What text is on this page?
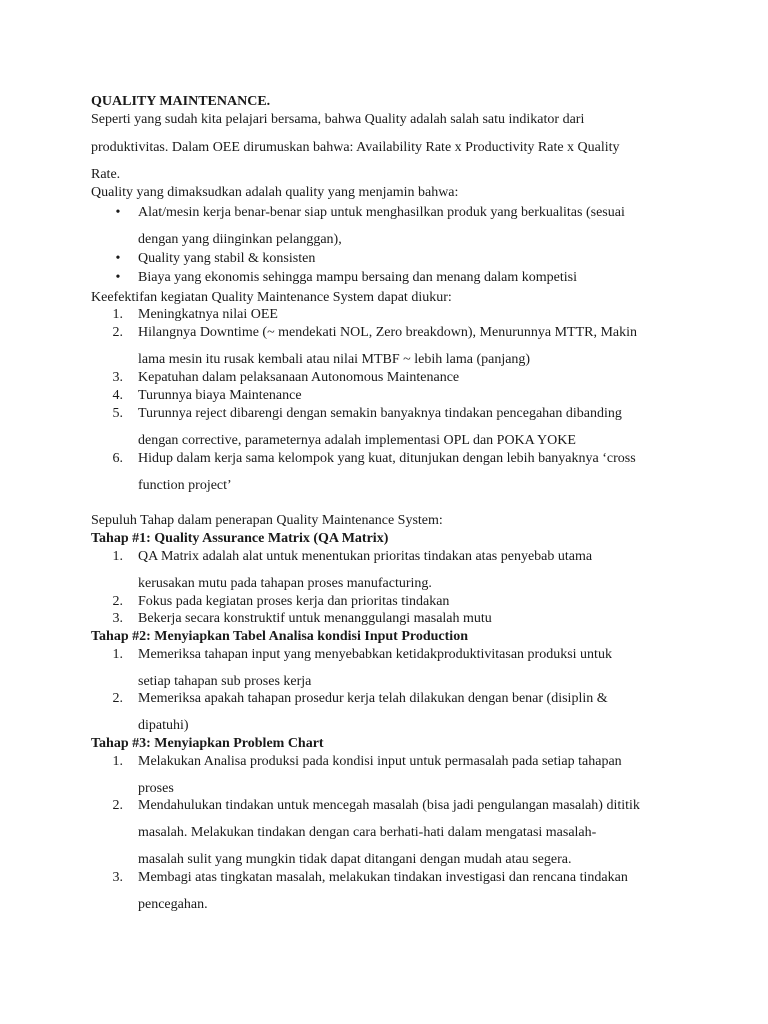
QUALITY MAINTENANCE.
Seperti yang sudah kita pelajari bersama, bahwa Quality adalah salah satu indikator dari
produktivitas. Dalam OEE dirumuskan bahwa: Availability Rate x Productivity Rate x Quality
Rate.
Quality yang dimaksudkan adalah quality yang menjamin bahwa:
• Alat/mesin kerja benar-benar siap untuk menghasilkan produk yang berkualitas (sesuai
dengan yang diinginkan pelanggan),
• Quality yang stabil & konsisten
• Biaya yang ekonomis sehingga mampu bersaing dan menang dalam kompetisi
Keefektifan kegiatan Quality Maintenance System dapat diukur:
1. Meningkatnya nilai OEE
2. Hilangnya Downtime (~ mendekati NOL, Zero breakdown), Menurunnya MTTR, Makin
lama mesin itu rusak kembali atau nilai MTBF ~ lebih lama (panjang)
3. Kepatuhan dalam pelaksanaan Autonomous Maintenance
4. Turunnya biaya Maintenance
5. Turunnya reject dibarengi dengan semakin banyaknya tindakan pencegahan dibanding
dengan corrective, parameternya adalah implementasi OPL dan POKA YOKE
6. Hidup dalam kerja sama kelompok yang kuat, ditunjukan dengan lebih banyaknya ‘cross
function project’
Sepuluh Tahap dalam penerapan Quality Maintenance System:
Tahap #1: Quality Assurance Matrix (QA Matrix)
1. QA Matrix adalah alat untuk menentukan prioritas tindakan atas penyebab utama
kerusakan mutu pada tahapan proses manufacturing.
2. Fokus pada kegiatan proses kerja dan prioritas tindakan
3. Bekerja secara konstruktif untuk menanggulangi masalah mutu
Tahap #2: Menyiapkan Tabel Analisa kondisi Input Production
1. Memeriksa tahapan input yang menyebabkan ketidakproduktivitasan produksi untuk
setiap tahapan sub proses kerja
2. Memeriksa apakah tahapan prosedur kerja telah dilakukan dengan benar (disiplin &
dipatuhi)
Tahap #3: Menyiapkan Problem Chart
1. Melakukan Analisa produksi pada kondisi input untuk permasalah pada setiap tahapan
proses
2. Mendahulukan tindakan untuk mencegah masalah (bisa jadi pengulangan masalah) dititik
masalah. Melakukan tindakan dengan cara berhati-hati dalam mengatasi masalah-
masalah sulit yang mungkin tidak dapat ditangani dengan mudah atau segera.
3. Membagi atas tingkatan masalah, melakukan tindakan investigasi dan rencana tindakan
pencegahan.
